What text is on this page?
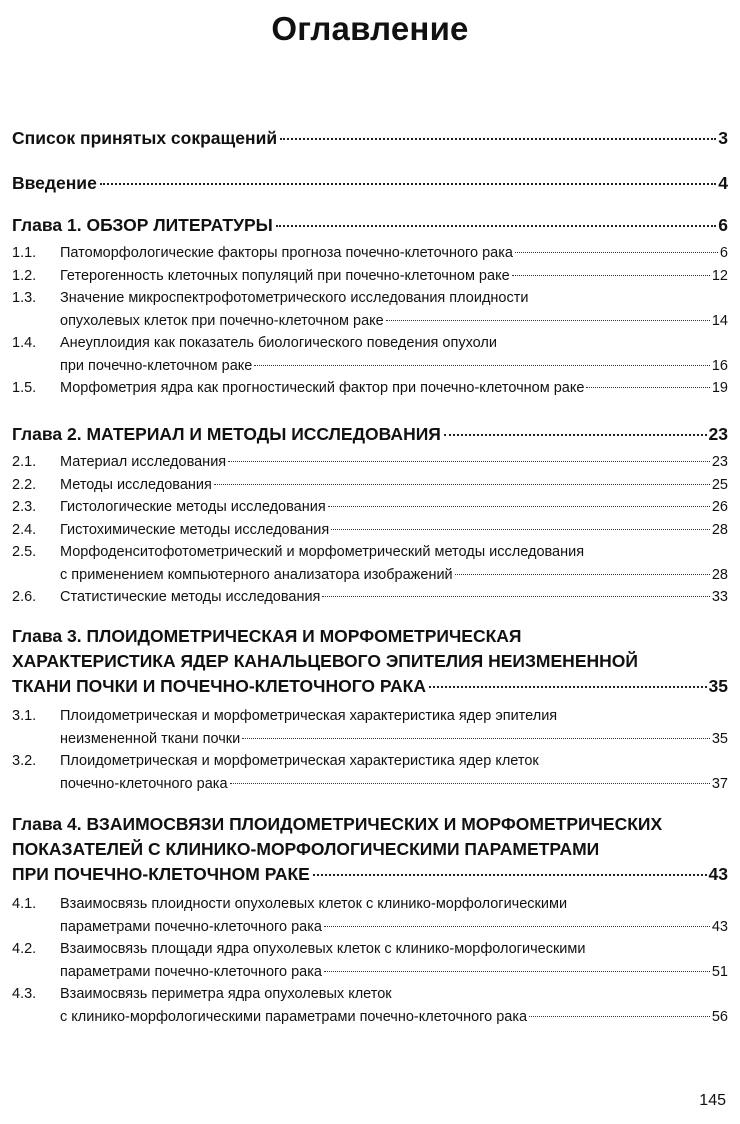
Оглавление
Список принятых сокращений	3
Введение	4
Глава 1. ОБЗОР ЛИТЕРАТУРЫ	6
1.1.	Патоморфологические факторы прогноза почечно-клеточного рака	6
1.2.	Гетерогенность клеточных популяций при почечно-клеточном раке	12
1.3.	Значение микроспектрофотометрического исследования плоидности
опухолевых клеток при почечно-клеточном раке	14
1.4.	Анеуплоидия как показатель биологического поведения опухоли
при почечно-клеточном раке	16
1.5.	Морфометрия ядра как прогностический фактор при почечно-клеточном раке	19
Глава 2. МАТЕРИАЛ И МЕТОДЫ ИССЛЕДОВАНИЯ	23
2.1.	Материал исследования	23
2.2.	Методы исследования	25
2.3.	Гистологические методы исследования	26
2.4.	Гистохимические методы исследования	28
2.5.	Морфоденситофотометрический и морфометрический методы исследования
с применением компьютерного анализатора изображений	28
2.6.	Статистические методы исследования	33
Глава 3. ПЛОИДОМЕТРИЧЕСКАЯ И МОРФОМЕТРИЧЕСКАЯ
ХАРАКТЕРИСТИКА ЯДЕР КАНАЛЬЦЕВОГО ЭПИТЕЛИЯ НЕИЗМЕНЕННОЙ
ТКАНИ ПОЧКИ И ПОЧЕЧНО-КЛЕТОЧНОГО РАКА	35
3.1.	Плоидометрическая и морфометрическая характеристика ядер эпителия
неизмененной ткани почки	35
3.2.	Плоидометрическая и морфометрическая характеристика ядер клеток
почечно-клеточного рака	37
Глава 4. ВЗАИМОСВЯЗИ ПЛОИДОМЕТРИЧЕСКИХ И МОРФОМЕТРИЧЕСКИХ
ПОКАЗАТЕЛЕЙ С КЛИНИКО-МОРФОЛОГИЧЕСКИМИ ПАРАМЕТРАМИ
ПРИ ПОЧЕЧНО-КЛЕТОЧНОМ РАКЕ	43
4.1.	Взаимосвязь плоидности опухолевых клеток с клинико-морфологическими
параметрами почечно-клеточного рака	43
4.2.	Взаимосвязь площади ядра опухолевых клеток с клинико-морфологическими
параметрами почечно-клеточного рака	51
4.3.	Взаимосвязь периметра ядра опухолевых клеток
с клинико-морфологическими параметрами почечно-клеточного рака	56
145
